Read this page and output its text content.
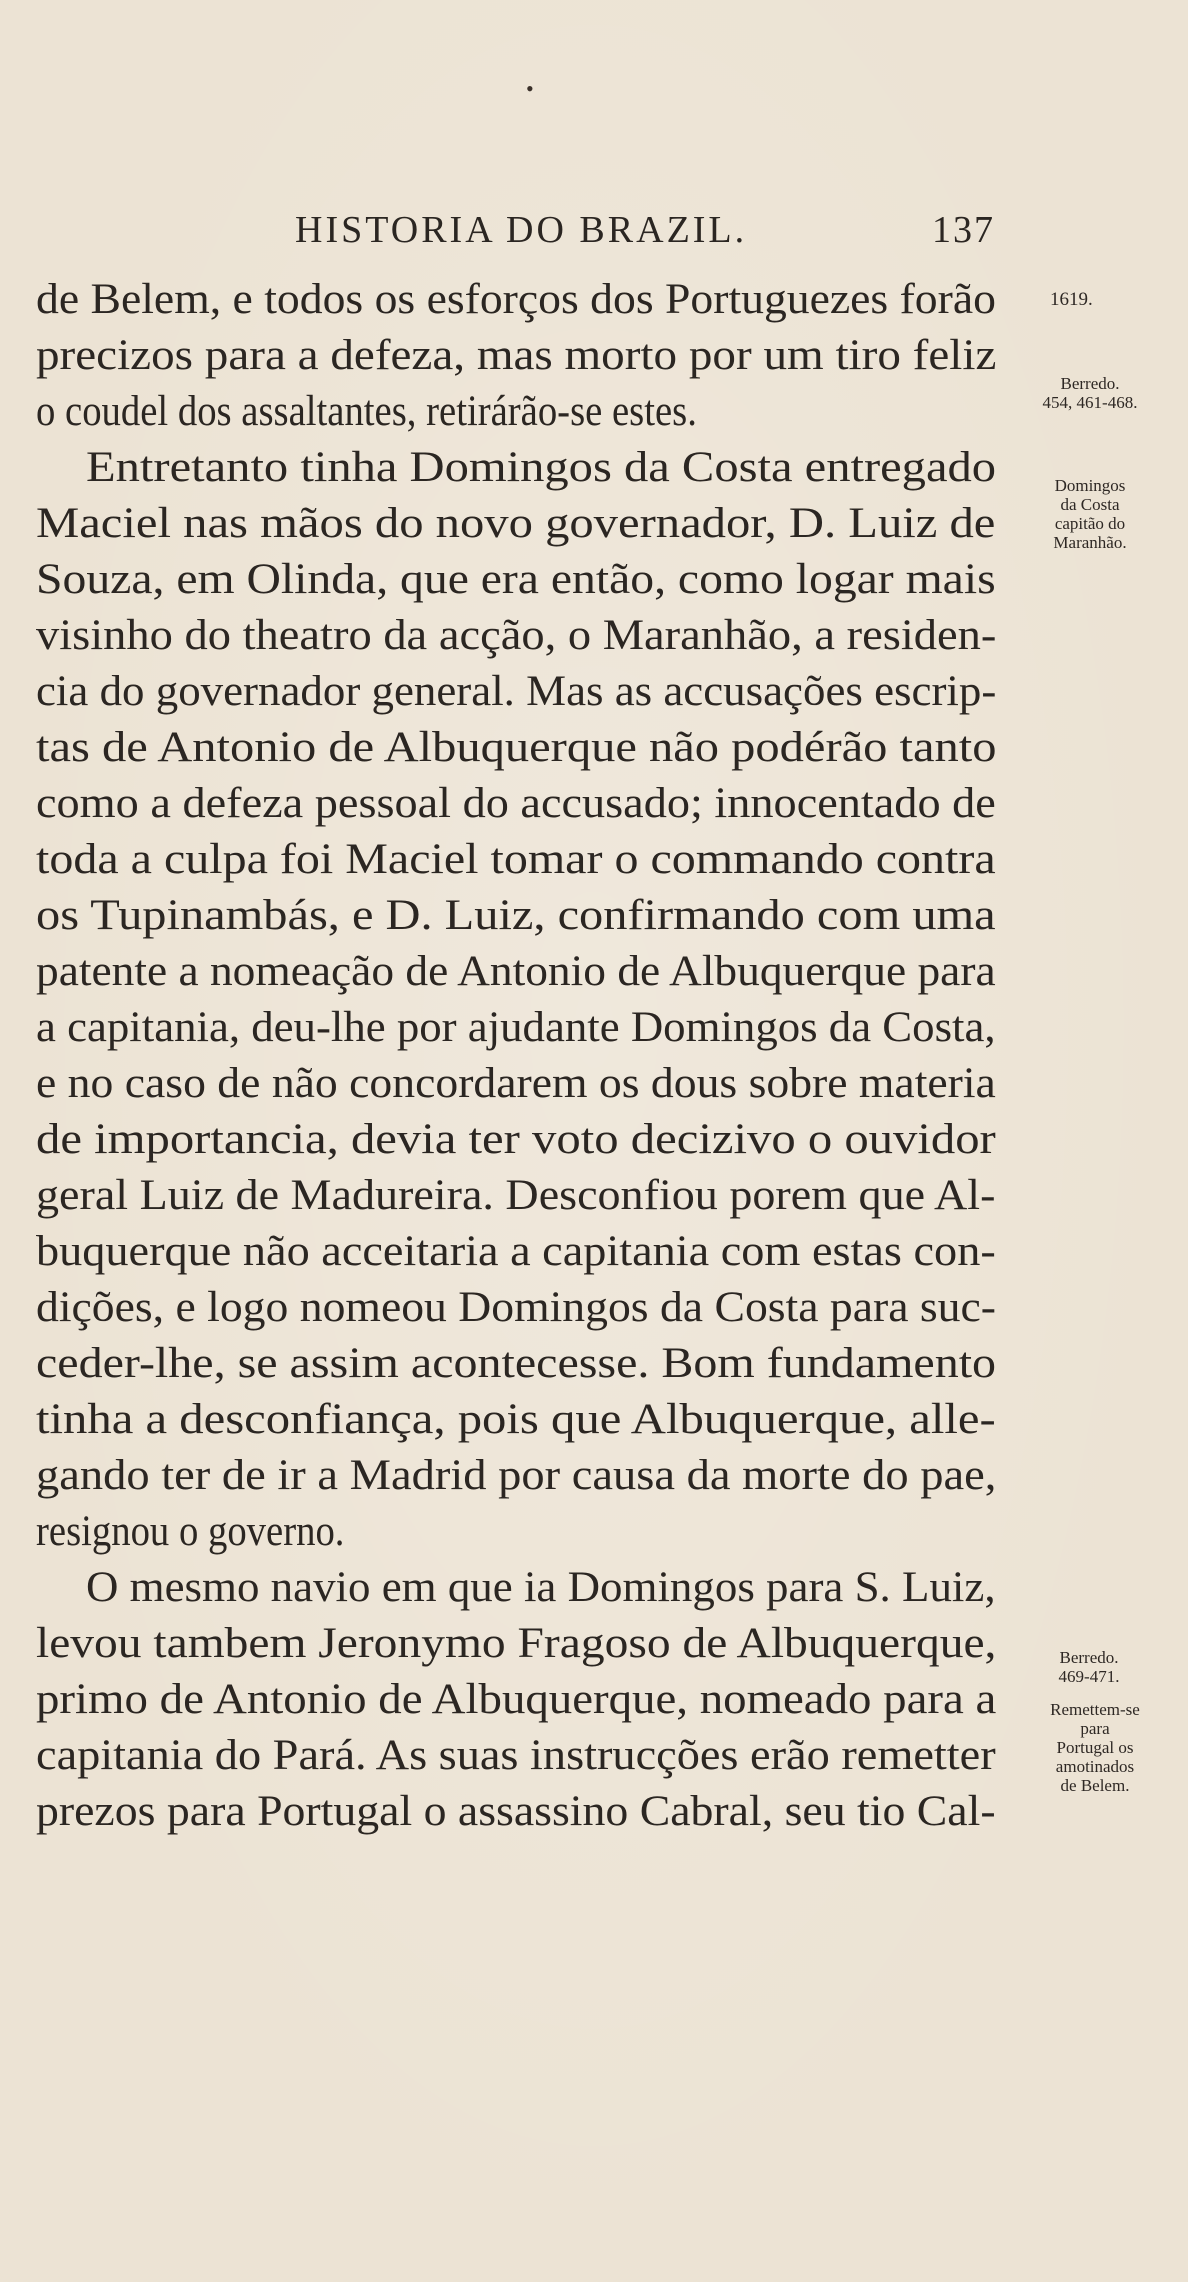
•
HISTORIA DO BRAZIL.	137
de Belem, e todos os esforços dos Portuguezes forão
precizos para a defeza, mas morto por um tiro feliz
o coudel dos assaltantes, retirárão-se estes.
Entretanto tinha Domingos da Costa entregado
Maciel nas mãos do novo governador, D. Luiz de
Souza, em Olinda, que era então, como logar mais
visinho do theatro da acção, o Maranhão, a residen-
cia do governador general. Mas as accusações escrip-
tas de Antonio de Albuquerque não podérão tanto
como a defeza pessoal do accusado; innocentado de
toda a culpa foi Maciel tomar o commando contra
os Tupinambás, e D. Luiz, confirmando com uma
patente a nomeação de Antonio de Albuquerque para
a capitania, deu-lhe por ajudante Domingos da Costa,
e no caso de não concordarem os dous sobre materia
de importancia, devia ter voto decizivo o ouvidor
geral Luiz de Madureira. Desconfiou porem que Al-
buquerque não acceitaria a capitania com estas con-
dições, e logo nomeou Domingos da Costa para suc-
ceder-lhe, se assim acontecesse. Bom fundamento
tinha a desconfiança, pois que Albuquerque, alle-
gando ter de ir a Madrid por causa da morte do pae,
resignou o governo.
O mesmo navio em que ia Domingos para S. Luiz,
levou tambem Jeronymo Fragoso de Albuquerque,
primo de Antonio de Albuquerque, nomeado para a
capitania do Pará. As suas instrucções erão remetter
prezos para Portugal o assassino Cabral, seu tio Cal-
1619.
Berredo.
454, 461-468.
Domingos
da Costa
capitão do
Maranhão.
Berredo.
469-471.
Remettem-se
para
Portugal os
amotinados
de Belem.
